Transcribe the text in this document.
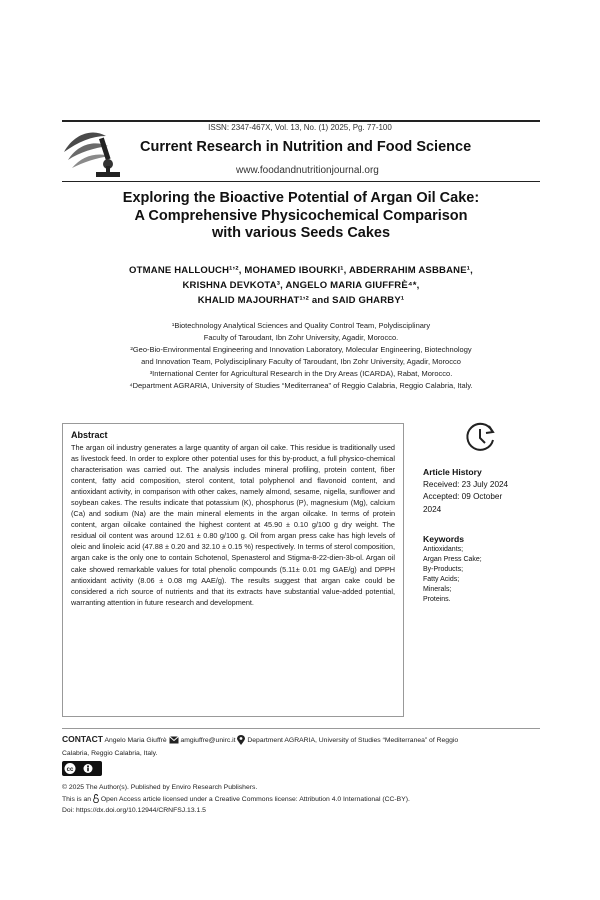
ISSN: 2347-467X, Vol. 13, No. (1) 2025, Pg. 77-100
Current Research in Nutrition and Food Science
www.foodandnutritionjournal.org
Exploring the Bioactive Potential of Argan Oil Cake:
A Comprehensive Physicochemical Comparison
with various Seeds Cakes
OTMANE HALLOUCH¹ʼ², MOHAMED IBOURKI¹, ABDERRAHIM ASBBANE¹,
KRISHNA DEVKOTA³, ANGELO MARIA GIUFFRÈ⁴*,
KHALID MAJOURHAT¹ʼ² and SAID GHARBY¹
¹Biotechnology Analytical Sciences and Quality Control Team, Polydisciplinary
Faculty of Taroudant, Ibn Zohr University, Agadir, Morocco.
²Geo-Bio-Environmental Engineering and Innovation Laboratory, Molecular Engineering, Biotechnology
and Innovation Team, Polydisciplinary Faculty of Taroudant, Ibn Zohr University, Agadir, Morocco
³International Center for Agricultural Research in the Dry Areas (ICARDA), Rabat, Morocco.
⁴Department AGRARIA, University of Studies “Mediterranea” of Reggio Calabria, Reggio Calabria, Italy.
Abstract

The argan oil industry generates a large quantity of argan oil cake. This residue is traditionally used as livestock feed. In order to explore other potential uses for this by-product, a full physico-chemical characterisation was carried out. The analysis includes mineral profiling, protein content, fiber content, fatty acid composition, sterol content, total polyphenol and flavonoid content, and antioxidant activity, in comparison with other cakes, namely almond, sesame, nigella, sunflower and soybean cakes. The results indicate that potassium (K), phosphorus (P), magnesium (Mg), calcium (Ca) and sodium (Na) are the main mineral elements in the argan oilcake. In terms of protein content, argan oilcake contained the highest content at 45.90 ± 0.10 g/100 g dry weight. The residual oil content was around 12.61 ± 0.80 g/100 g. Oil from argan press cake has high levels of oleic and linoleic acid (47.88 ± 0.20 and 32.10 ± 0.15 %) respectively. In terms of sterol composition, argan cake is the only one to contain Schotenol, Spenasterol and Stigma-8-22-dien-3b-ol. Argan oil cake showed remarkable values for total phenolic compounds (5.11± 0.01 mg GAE/g) and DPPH antioxidant activity (8.06 ± 0.08 mg AAE/g). The results suggest that argan cake could be considered a rich source of nutrients and that its extracts have substantial value-added potential, warranting attention in future research and development.

Article History
Received: 23 July 2024
Accepted: 09 October
2024
Keywords
Antioxidants;
Argan Press Cake;
By-Products;
Fatty Acids;
Minerals;
Proteins.
CONTACT Angelo Maria Giuffrè amgiuffre@unirc.it Department AGRARIA, University of Studies “Mediterranea” of Reggio
Calabria, Reggio Calabria, Italy.
cc
© 2025 The Author(s). Published by Enviro Research Publishers.
This is an Open Access article licensed under a Creative Commons license: Attribution 4.0 International (CC-BY).
Doi: https://dx.doi.org/10.12944/CRNFSJ.13.1.5
